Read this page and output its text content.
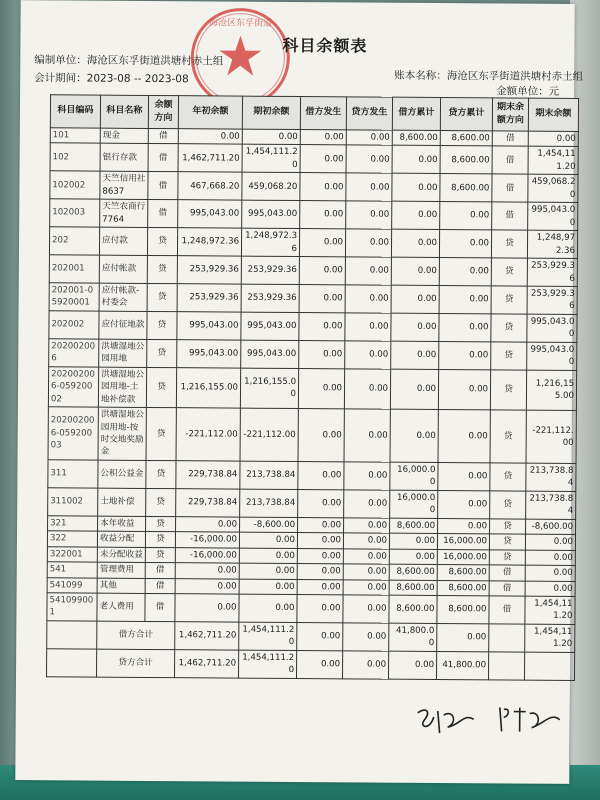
海沧区东孚街道
科目余额表
编制单位：海沧区东孚街道洪塘村赤土组
会计期间：2023-08 -- 2023-08	账本名称：海沧区东孚街道洪塘村赤土组
金额单位：元
科目编码	科目名称	余额方向	年初余额	期初余额	借方发生	贷方发生	借方累计	贷方累计	期末余额方向	期末余额
101	现金	借	0.00	0.00	0.00	0.00	8,600.00	8,600.00	借	0.00
102	银行存款	借	1,462,711.20	1,454,111.20	0.00	0.00	0.00	8,600.00	借	1,454,111.20
102002	天竺信用社8637	借	467,668.20	459,068.20	0.00	0.00	0.00	8,600.00	借	459,068.20
102003	天竺农商行7764	借	995,043.00	995,043.00	0.00	0.00	0.00	0.00	借	995,043.00
202	应付款	贷	1,248,972.36	1,248,972.36	0.00	0.00	0.00	0.00	贷	1,248,972.36
202001	应付帐款	贷	253,929.36	253,929.36	0.00	0.00	0.00	0.00	贷	253,929.36
202001-05920001	应付帐款-村委会	贷	253,929.36	253,929.36	0.00	0.00	0.00	0.00	贷	253,929.36
202002	应付征地款	贷	995,043.00	995,043.00	0.00	0.00	0.00	0.00	贷	995,043.00
202002006	洪塘湿地公园用地	贷	995,043.00	995,043.00	0.00	0.00	0.00	0.00	贷	995,043.00
202002006-05920002	洪塘湿地公园用地-土地补偿款	贷	1,216,155.00	1,216,155.00	0.00	0.00	0.00	0.00	贷	1,216,155.00
202002006-05920003	洪塘湿地公园用地-按时交地奖励金	贷	-221,112.00	-221,112.00	0.00	0.00	0.00	0.00	贷	-221,112.00
311	公积公益金	贷	229,738.84	213,738.84	0.00	0.00	16,000.00	0.00	贷	213,738.84
311002	土地补偿	贷	229,738.84	213,738.84	0.00	0.00	16,000.00	0.00	贷	213,738.84
321	本年收益	贷	0.00	-8,600.00	0.00	0.00	8,600.00	0.00	贷	-8,600.00
322	收益分配	贷	-16,000.00	0.00	0.00	0.00	0.00	16,000.00	贷	0.00
322001	未分配收益	贷	-16,000.00	0.00	0.00	0.00	0.00	16,000.00	贷	0.00
541	管理费用	借	0.00	0.00	0.00	0.00	8,600.00	8,600.00	借	0.00
541099	其他	借	0.00	0.00	0.00	0.00	8,600.00	8,600.00	借	0.00
541099001	老人费用	借	0.00	0.00	0.00	0.00	8,600.00	8,600.00	借	1,454,111.20
	借方合计		1,462,711.20	1,454,111.20	0.00	0.00	41,800.00	0.00		1,454,111.20
	贷方合计		1,462,711.20	1,454,111.20	0.00	0.00	0.00	41,800.00		
